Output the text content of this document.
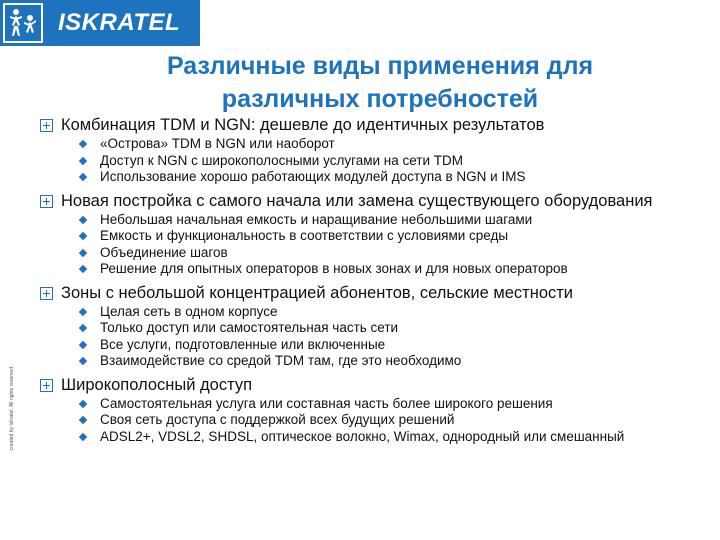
ISKRATEL
created by Iskratel. All rights reserved.
Различные виды применения для
различных потребностей
Комбинация TDM и NGN: дешевле до идентичных результатов
«Острова» TDM в NGN или наоборот
Доступ к NGN с широкополосными услугами на сети TDM
Использование хорошо работающих модулей доступа в NGN и IMS
Новая постройка с самого начала или замена существующего оборудования
Небольшая начальная емкость и наращивание небольшими шагами
Емкость и функциональность в соответствии с условиями среды
Объединение шагов
Решение для опытных операторов в новых зонах и для новых операторов
Зоны с небольшой концентрацией абонентов, сельские местности
Целая сеть в одном корпусе
Только доступ или самостоятельная часть сети
Все услуги, подготовленные или включенные
Взаимодействие со средой TDM там, где это необходимо
Широкополосный доступ
Самостоятельная услуга или составная часть более широкого решения
Своя сеть доступа с поддержкой всех будущих решений
ADSL2+, VDSL2, SHDSL, оптическое волокно, Wimax, однородный или смешанный
